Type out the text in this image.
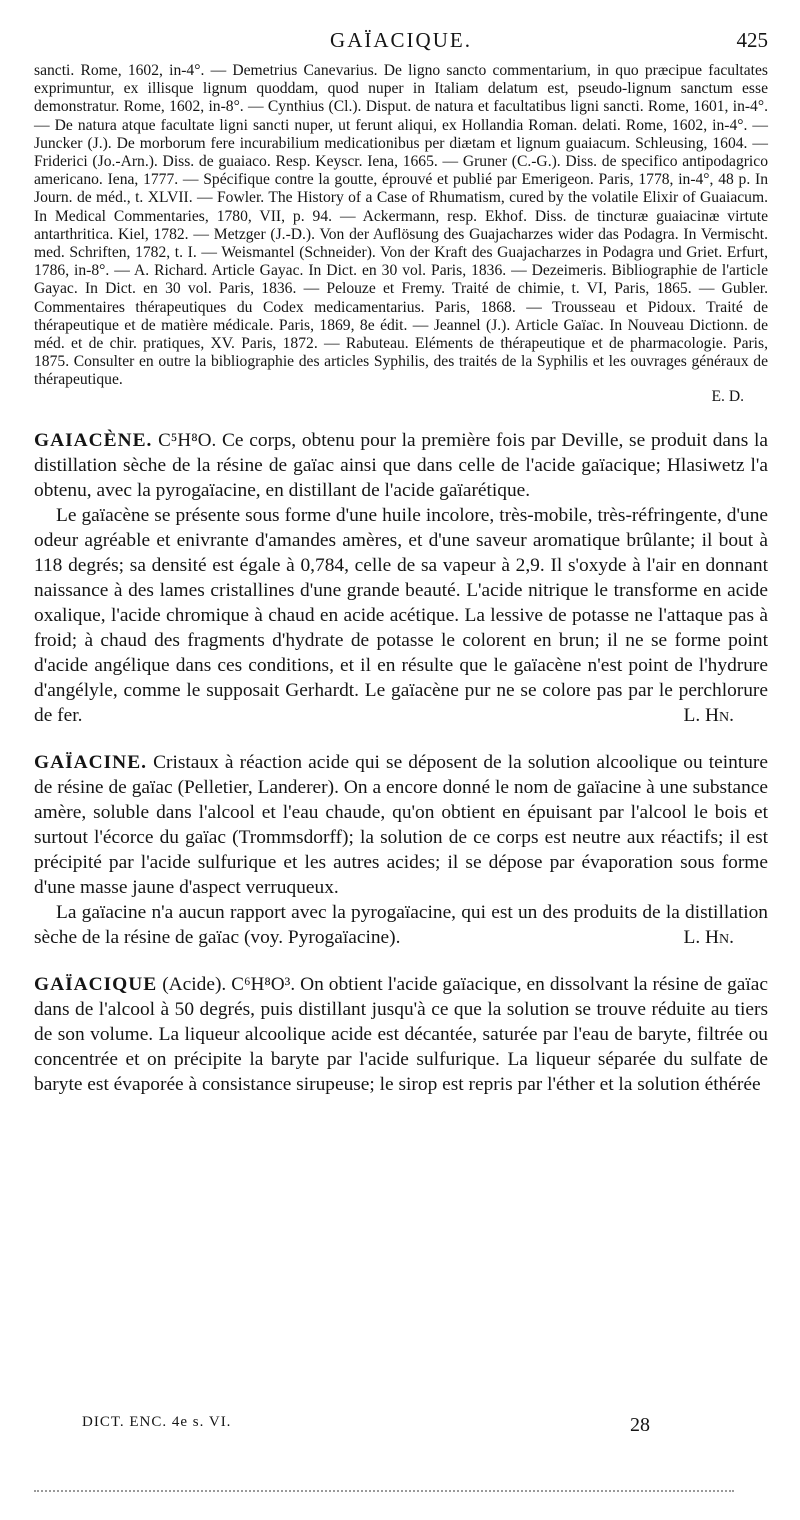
GAÏACIQUE.	425
sancti. Rome, 1602, in-4°. — Demetrius Canevarius. De ligno sancto commentarium, in quo præcipue facultates exprimuntur, ex illisque lignum quoddam, quod nuper in Italiam delatum est, pseudo-lignum sanctum esse demonstratur. Rome, 1602, in-8°. — Cynthius (Cl.). Disput. de natura et facultatibus ligni sancti. Rome, 1601, in-4°. — De natura atque facultate ligni sancti nuper, ut ferunt aliqui, ex Hollandia Roman. delati. Rome, 1602, in-4°. — Juncker (J.). De morborum fere incurabilium medicationibus per diætam et lignum guaiacum. Schleusing, 1604. — Friderici (Jo.-Arn.). Diss. de guaiaco. Resp. Keyscr. Iena, 1665. — Gruner (C.-G.). Diss. de specifico antipodagrico americano. Iena, 1777. — Spécifique contre la goutte, éprouvé et publié par Emerigeon. Paris, 1778, in-4°, 48 p. In Journ. de méd., t. XLVII. — Fowler. The History of a Case of Rhumatism, cured by the volatile Elixir of Guaiacum. In Medical Commentaries, 1780, VII, p. 94. — Ackermann, resp. Ekhof. Diss. de tincturæ guaiacinæ virtute antarthritica. Kiel, 1782. — Metzger (J.-D.). Von der Auflösung des Guajacharzes wider das Podagra. In Vermischt. med. Schriften, 1782, t. I. — Weismantel (Schneider). Von der Kraft des Guajacharzes in Podagra und Griet. Erfurt, 1786, in-8°. — A. Richard. Article Gayac. In Dict. en 30 vol. Paris, 1836. — Dezeimeris. Bibliographie de l'article Gayac. In Dict. en 30 vol. Paris, 1836. — Pelouze et Fremy. Traité de chimie, t. VI, Paris, 1865. — Gubler. Commentaires thérapeutiques du Codex medicamentarius. Paris, 1868. — Trousseau et Pidoux. Traité de thérapeutique et de matière médicale. Paris, 1869, 8e édit. — Jeannel (J.). Article Gaïac. In Nouveau Dictionn. de méd. et de chir. pratiques, XV. Paris, 1872. — Rabuteau. Eléments de thérapeutique et de pharmacologie. Paris, 1875. Consulter en outre la bibliographie des articles Syphilis, des traités de la Syphilis et les ouvrages généraux de thérapeutique.
E. D.

GAIACÈNE. C⁵H⁸O. Ce corps, obtenu pour la première fois par Deville, se produit dans la distillation sèche de la résine de gaïac ainsi que dans celle de l'acide gaïacique; Hlasiwetz l'a obtenu, avec la pyrogaïacine, en distillant de l'acide gaïarétique.

Le gaïacène se présente sous forme d'une huile incolore, très-mobile, très-réfringente, d'une odeur agréable et enivrante d'amandes amères, et d'une saveur aromatique brûlante; il bout à 118 degrés; sa densité est égale à 0,784, celle de sa vapeur à 2,9. Il s'oxyde à l'air en donnant naissance à des lames cristallines d'une grande beauté. L'acide nitrique le transforme en acide oxalique, l'acide chromique à chaud en acide acétique. La lessive de potasse ne l'attaque pas à froid; à chaud des fragments d'hydrate de potasse le colorent en brun; il ne se forme point d'acide angélique dans ces conditions, et il en résulte que le gaïacène n'est point de l'hydrure d'angélyle, comme le supposait Gerhardt. Le gaïacène pur ne se colore pas par le perchlorure de fer.	L. Hn.

GAÏACINE. Cristaux à réaction acide qui se déposent de la solution alcoolique ou teinture de résine de gaïac (Pelletier, Landerer). On a encore donné le nom de gaïacine à une substance amère, soluble dans l'alcool et l'eau chaude, qu'on obtient en épuisant par l'alcool le bois et surtout l'écorce du gaïac (Trommsdorff); la solution de ce corps est neutre aux réactifs; il est précipité par l'acide sulfurique et les autres acides; il se dépose par évaporation sous forme d'une masse jaune d'aspect verruqueux.

La gaïacine n'a aucun rapport avec la pyrogaïacine, qui est un des produits de la distillation sèche de la résine de gaïac (voy. Pyrogaïacine).	L. Hn.

GAÏACIQUE (Acide). C⁶H⁸O³. On obtient l'acide gaïacique, en dissolvant la résine de gaïac dans de l'alcool à 50 degrés, puis distillant jusqu'à ce que la solution se trouve réduite au tiers de son volume. La liqueur alcoolique acide est décantée, saturée par l'eau de baryte, filtrée ou concentrée et on précipite la baryte par l'acide sulfurique. La liqueur séparée du sulfate de baryte est évaporée à consistance sirupeuse; le sirop est repris par l'éther et la solution éthérée

DICT. ENC. 4e s. VI.	28
